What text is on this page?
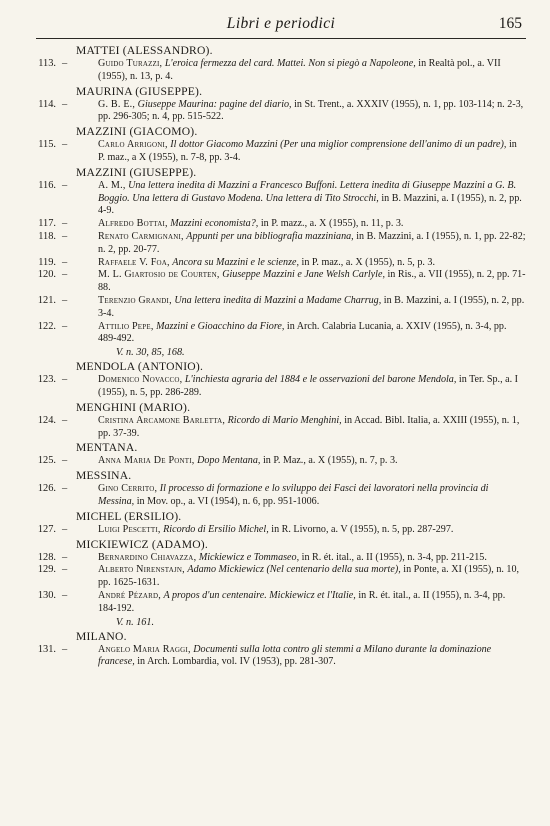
Libri e periodici	165
MATTEI (ALESSANDRO).
113. –	Guido Turazzi, L'eroica fermezza del card. Mattei. Non si piegò a Napoleone, in Realtà pol., a. VII (1955), n. 13, p. 4.
MAURINA (GIUSEPPE).
114. –	G. B. E., Giuseppe Maurina: pagine del diario, in St. Trent., a. XXXIV (1955), n. 1, pp. 103-114; n. 2-3, pp. 296-305; n. 4, pp. 515-522.
MAZZINI (GIACOMO).
115. –	Carlo Arrigoni, Il dottor Giacomo Mazzini (Per una miglior comprensione dell'animo di un padre), in P. maz., a X (1955), n. 7-8, pp. 3-4.
MAZZINI (GIUSEPPE).
116. –	A. M., Una lettera inedita di Mazzini a Francesco Buffoni. Lettera inedita di Giuseppe Mazzini a G. B. Boggio. Una lettera di Gustavo Modena. Una lettera di Tito Strocchi, in B. Mazzini, a. I (1955), n. 2, pp. 4-9.
117. –	Alfredo Bottai, Mazzini economista?, in P. mazz., a. X (1955), n. 11, p. 3.
118. –	Renato Carmignani, Appunti per una bibliografia mazziniana, in B. Mazzini, a. I (1955), n. 1, pp. 22-82; n. 2, pp. 20-77.
119. –	Raffaele V. Foa, Ancora su Mazzini e le scienze, in P. maz., a. X (1955), n. 5, p. 3.
120. –	M. L. Giartosio de Courten, Giuseppe Mazzini e Jane Welsh Carlyle, in Ris., a. VII (1955), n. 2, pp. 71-88.
121. –	Terenzio Grandi, Una lettera inedita di Mazzini a Madame Charrug, in B. Mazzini, a. I (1955), n. 2, pp. 3-4.
122. –	Attilio Pepe, Mazzini e Gioacchino da Fiore, in Arch. Calabria Lucania, a. XXIV (1955), n. 3-4, pp. 489-492.
V. n. 30, 85, 168.
MENDOLA (ANTONIO).
123. –	Domenico Novacco, L'inchiesta agraria del 1884 e le osservazioni del barone Mendola, in Ter. Sp., a. I (1955), n. 5, pp. 286-289.
MENGHINI (MARIO).
124. –	Cristina Arcamone Barletta, Ricordo di Mario Menghini, in Accad. Bibl. Italia, a. XXIII (1955), n. 1, pp. 37-39.
MENTANA.
125. –	Anna Maria De Ponti, Dopo Mentana, in P. Maz., a. X (1955), n. 7, p. 3.
MESSINA.
126. –	Gino Cerrito, Il processo di formazione e lo sviluppo dei Fasci dei lavoratori nella provincia di Messina, in Mov. op., a. VI (1954), n. 6, pp. 951-1006.
MICHEL (ERSILIO).
127. –	Luigi Pescetti, Ricordo di Ersilio Michel, in R. Livorno, a. V (1955), n. 5, pp. 287-297.
MICKIEWICZ (ADAMO).
128. –	Bernardino Chiavazza, Mickiewicz e Tommaseo, in R. ét. ital., a. II (1955), n. 3-4, pp. 211-215.
129. –	Alberto Nirenstajn, Adamo Mickiewicz (Nel centenario della sua morte), in Ponte, a. XI (1955), n. 10, pp. 1625-1631.
130. –	André Pézard, A propos d'un centenaire. Mickiewicz et l'Italie, in R. ét. ital., a. II (1955), n. 3-4, pp. 184-192.
V. n. 161.
MILANO.
131. –	Angelo Maria Raggi, Documenti sulla lotta contro gli stemmi a Milano durante la dominazione francese, in Arch. Lombardia, vol. IV (1953), pp. 281-307.
